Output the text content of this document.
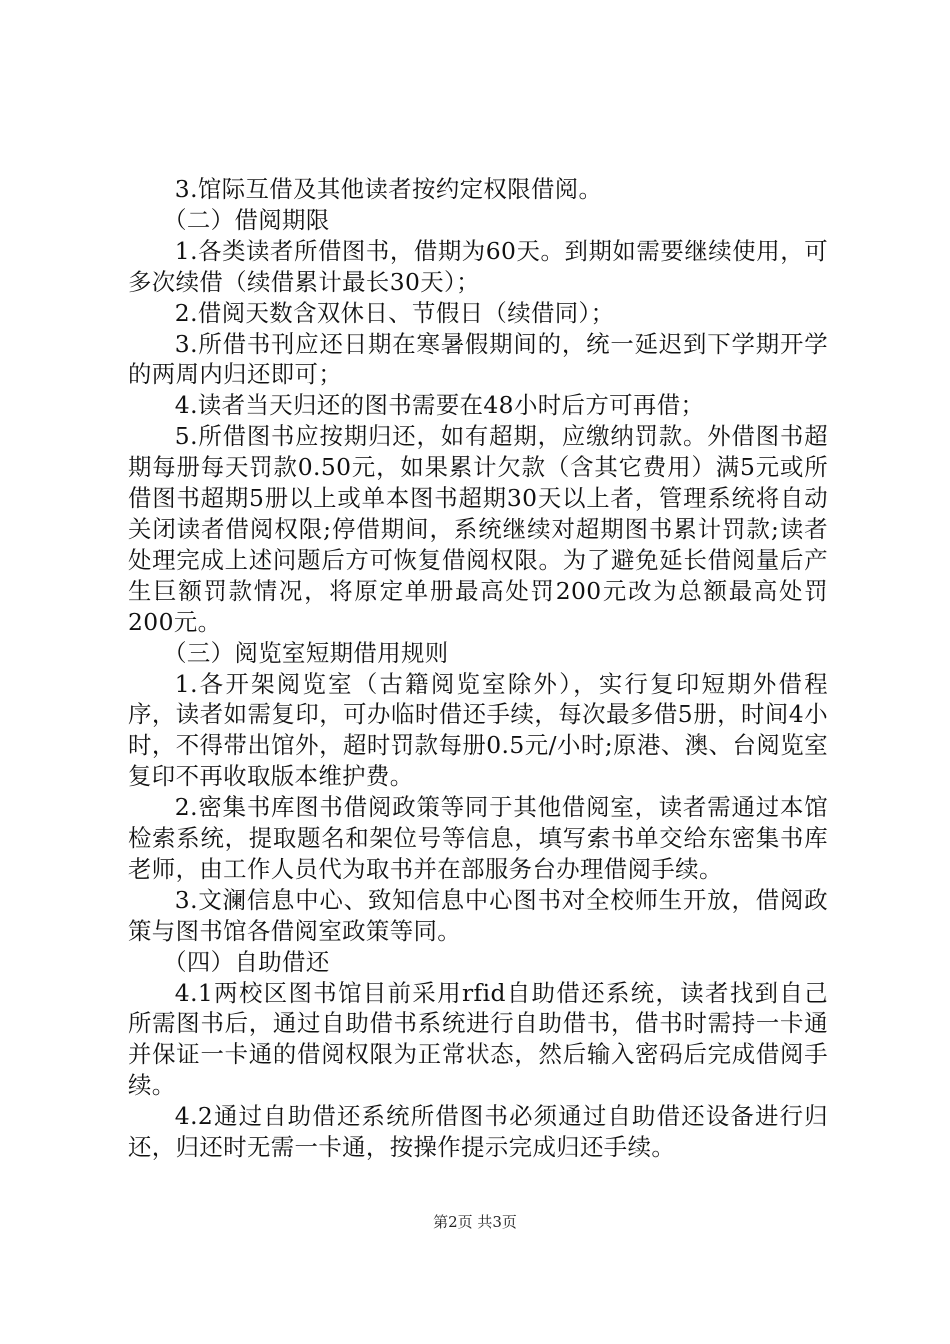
3.馆际互借及其他读者按约定权限借阅。

（二）借阅期限

1.各类读者所借图书，借期为60天。到期如需要继续使用，可多次续借（续借累计最长30天）；

2.借阅天数含双休日、节假日（续借同）；

3.所借书刊应还日期在寒暑假期间的，统一延迟到下学期开学的两周内归还即可；

4.读者当天归还的图书需要在48小时后方可再借；

5.所借图书应按期归还，如有超期，应缴纳罚款。外借图书超期每册每天罚款0.50元，如果累计欠款（含其它费用）满5元或所借图书超期5册以上或单本图书超期30天以上者，管理系统将自动关闭读者借阅权限;停借期间，系统继续对超期图书累计罚款;读者处理完成上述问题后方可恢复借阅权限。为了避免延长借阅量后产生巨额罚款情况，将原定单册最高处罚200元改为总额最高处罚200元。

（三）阅览室短期借用规则

1.各开架阅览室（古籍阅览室除外），实行复印短期外借程序，读者如需复印，可办临时借还手续，每次最多借5册，时间4小时，不得带出馆外，超时罚款每册0.5元/小时;原港、澳、台阅览室复印不再收取版本维护费。

2.密集书库图书借阅政策等同于其他借阅室，读者需通过本馆检索系统，提取题名和架位号等信息，填写索书单交给东密集书库老师，由工作人员代为取书并在部服务台办理借阅手续。

3.文澜信息中心、致知信息中心图书对全校师生开放，借阅政策与图书馆各借阅室政策等同。

（四）自助借还

4.1两校区图书馆目前采用rfid自助借还系统，读者找到自己所需图书后，通过自助借书系统进行自助借书，借书时需持一卡通并保证一卡通的借阅权限为正常状态，然后输入密码后完成借阅手续。

4.2通过自助借还系统所借图书必须通过自助借还设备进行归还，归还时无需一卡通，按操作提示完成归还手续。

第2页 共3页
